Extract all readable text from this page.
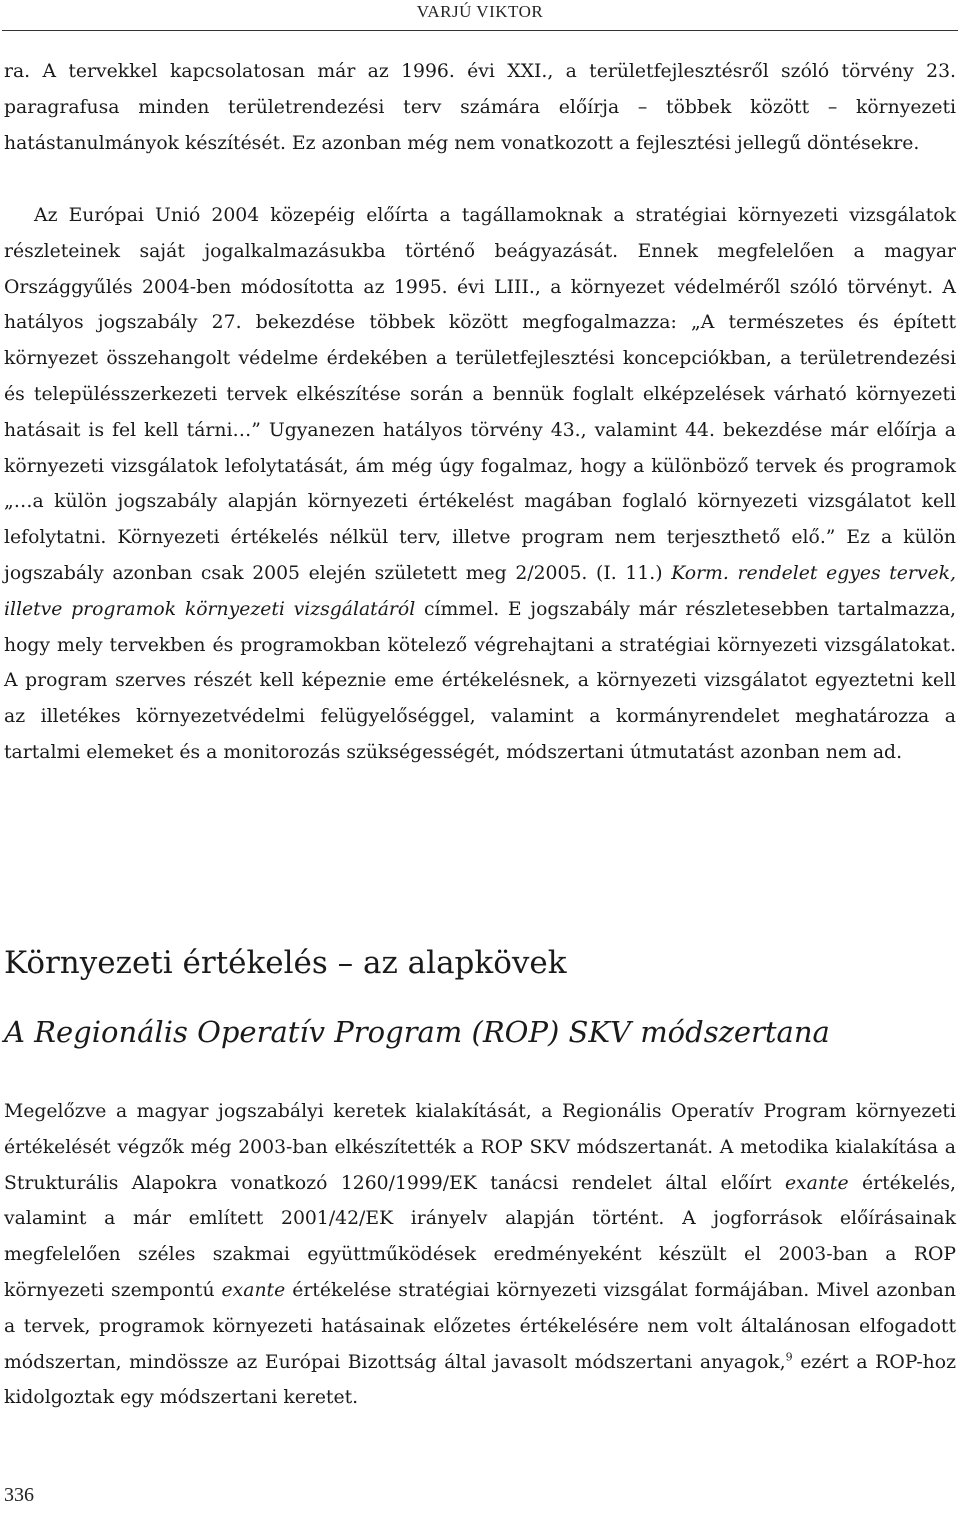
VARJÚ VIKTOR

ra. A tervekkel kapcsolatosan már az 1996. évi XXI., a területfejlesztésről szóló törvény 23. paragrafusa minden területrendezési terv számára előírja – többek között – környezeti hatástanulmányok készítését. Ez azonban még nem vonatkozott a fejlesztési jellegű döntésekre.

Az Európai Unió 2004 közepéig előírta a tagállamoknak a stratégiai környezeti vizsgálatok részleteinek saját jogalkalmazásukba történő beágyazását. Ennek megfelelően a magyar Országgyűlés 2004-ben módosította az 1995. évi LIII., a környezet védelméről szóló törvényt. A hatályos jogszabály 27. bekezdése többek között megfogalmazza: „A természetes és épített környezet összehangolt védelme érdekében a területfejlesztési koncepciókban, a területrendezési és településszerkezeti tervek elkészítése során a bennük foglalt elképzelések várható környezeti hatásait is fel kell tárni…” Ugyanezen hatályos törvény 43., valamint 44. bekezdése már előírja a környezeti vizsgálatok lefolytatását, ám még úgy fogalmaz, hogy a különböző tervek és programok „…a külön jogszabály alapján környezeti értékelést magában foglaló környezeti vizsgálatot kell lefolytatni. Környezeti értékelés nélkül terv, illetve program nem terjeszthető elő.” Ez a külön jogszabály azonban csak 2005 elején született meg 2/2005. (I. 11.) Korm. rendelet egyes tervek, illetve programok környezeti vizsgálatáról címmel. E jogszabály már részletesebben tartalmazza, hogy mely tervekben és programokban kötelező végrehajtani a stratégiai környezeti vizsgálatokat. A program szerves részét kell képeznie eme értékelésnek, a környezeti vizsgálatot egyeztetni kell az illetékes környezetvédelmi felügyelőséggel, valamint a kormányrendelet meghatározza a tartalmi elemeket és a monitorozás szükségességét, módszertani útmutatást azonban nem ad.

Környezeti értékelés – az alapkövek
A Regionális Operatív Program (ROP) SKV módszertana

Megelőzve a magyar jogszabályi keretek kialakítását, a Regionális Operatív Program környezeti értékelését végzők még 2003-ban elkészítették a ROP SKV módszertanát. A metodika kialakítása a Strukturális Alapokra vonatkozó 1260/1999/EK tanácsi rendelet által előírt exante értékelés, valamint a már említett 2001/42/EK irányelv alapján történt. A jogforrások előírásainak megfelelően széles szakmai együttműködések eredményeként készült el 2003-ban a ROP környezeti szempontú exante értékelése stratégiai környezeti vizsgálat formájában. Mivel azonban a tervek, programok környezeti hatásainak előzetes értékelésére nem volt általánosan elfogadott módszertan, mindössze az Európai Bizottság által javasolt módszertani anyagok,$^9$ ezért a ROP-hoz kidolgoztak egy módszertani keretet.

336
